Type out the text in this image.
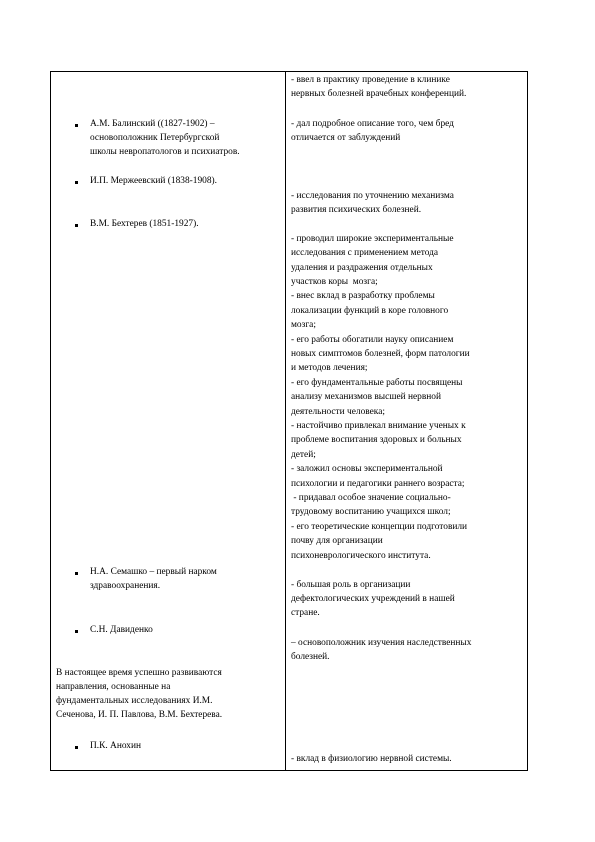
А.М. Балинский ((1827-1902) –
основоположник Петербургской
школы невропатологов и психиатров.
И.П. Мержеевский (1838-1908).
В.М. Бехтерев (1851-1927).
Н.А. Семашко – первый нарком
здравоохранения.
С.Н. Давиденко
В настоящее время успешно развиваются
направления, основанные на
фундаментальных исследованиях И.М.
Сеченова, И. П. Павлова, В.М. Бехтерева.
П.К. Анохин
- ввел в практику проведение в клинике
нервных болезней врачебных конференций.
- дал подробное описание того, чем бред
отличается от заблуждений
- исследования по уточнению механизма
развития психических болезней.
- проводил широкие экспериментальные
исследования с применением метода
удаления и раздражения отдельных
участков коры  мозга;
- внес вклад в разработку проблемы
локализации функций в коре головного
мозга;
- его работы обогатили науку описанием
новых симптомов болезней, форм патологии
и методов лечения;
- его фундаментальные работы посвящены
анализу механизмов высшей нервной
деятельности человека;
- настойчиво привлекал внимание ученых к
проблеме воспитания здоровых и больных
детей;
- заложил основы экспериментальной
психологии и педагогики раннего возраста;
- придавал особое значение социально-
трудовому воспитанию учащихся школ;
- его теоретические концепции подготовили
почву для организации
психоневрологического института.
- большая роль в организации
дефектологических учреждений в нашей
стране.
– основоположник изучения наследственных
болезней.
- вклад в физиологию нервной системы.
